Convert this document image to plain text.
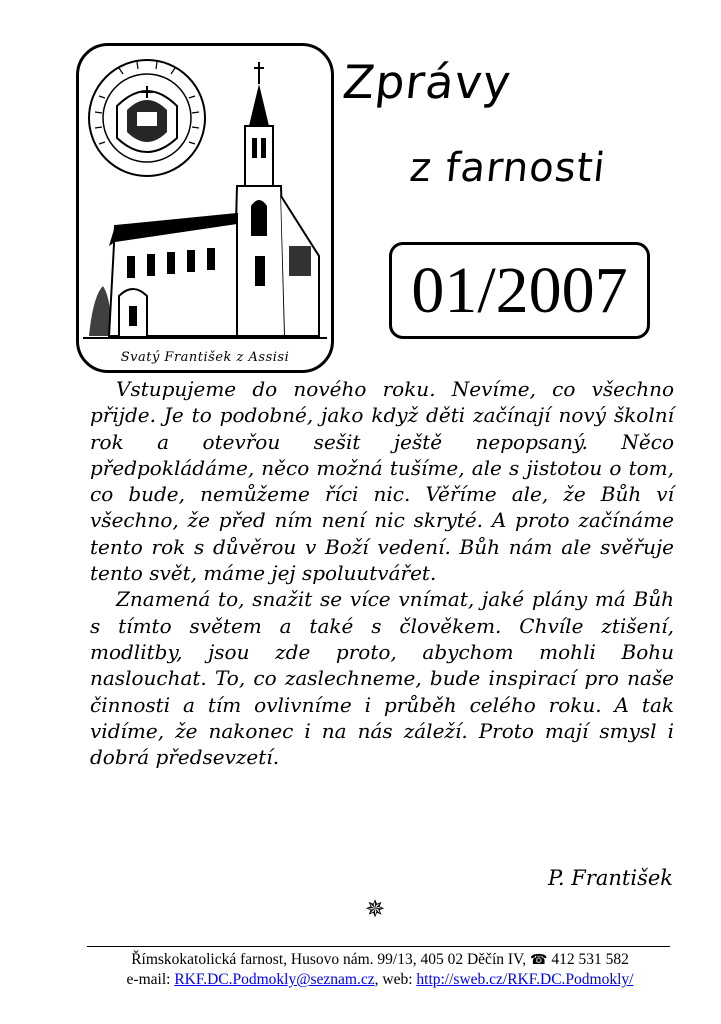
Svatý František z Assisi
Zprávy
z farnosti
01/2007

Vstupujeme do nového roku. Nevíme, co všechno přijde. Je to podobné, jako když děti začínají nový školní rok a otevřou sešit ještě nepopsaný. Něco předpokládáme, něco možná tušíme, ale s jistotou o tom, co bude, nemůžeme říci nic. Věříme ale, že Bůh ví všechno, že před ním není nic skryté. A proto začínáme tento rok s důvěrou v Boží vedení. Bůh nám ale svěřuje tento svět, máme jej spoluutvářet.

Znamená to, snažit se více vnímat, jaké plány má Bůh s tímto světem a také s člověkem. Chvíle ztišení, modlitby, jsou zde proto, abychom mohli Bohu naslouchat. To, co zaslechneme, bude inspirací pro naše činnosti a tím ovlivníme i průběh celého roku. A tak vidíme, že nakonec i na nás záleží. Proto mají smysl i dobrá předsevzetí.

P. František
✵
Římskokatolická farnost, Husovo nám. 99/13, 405 02 Děčín IV, ☎ 412 531 582
e-mail: RKF.DC.Podmokly@seznam.cz, web: http://sweb.cz/RKF.DC.Podmokly/
